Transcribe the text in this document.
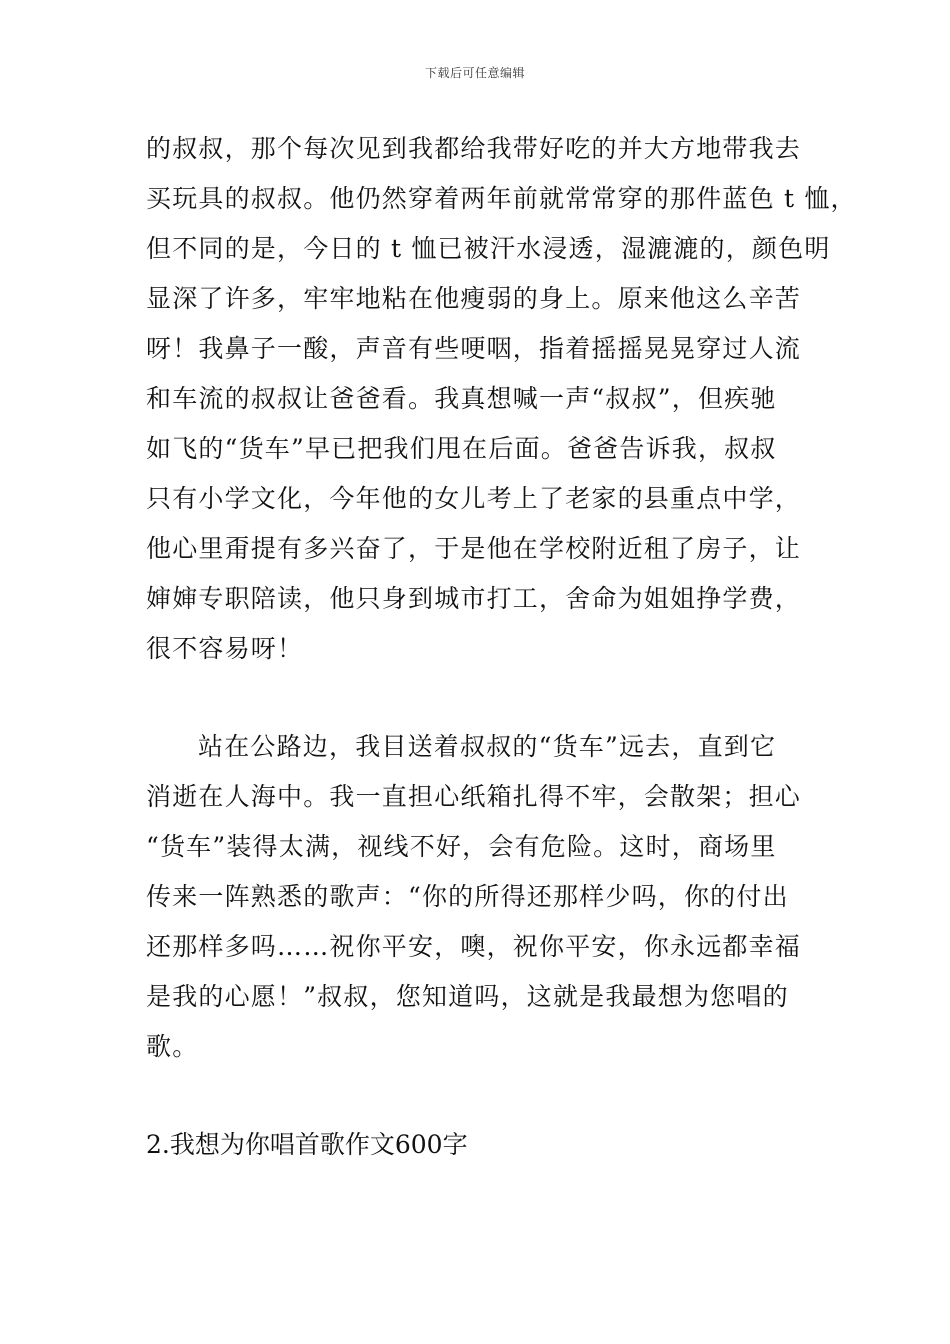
下载后可任意编辑
的叔叔，那个每次见到我都给我带好吃的并大方地带我去
买玩具的叔叔。他仍然穿着两年前就常常穿的那件蓝色 t 恤，
但不同的是，今日的 t 恤已被汗水浸透，湿漉漉的，颜色明
显深了许多，牢牢地粘在他瘦弱的身上。原来他这么辛苦
呀！我鼻子一酸，声音有些哽咽，指着摇摇晃晃穿过人流
和车流的叔叔让爸爸看。我真想喊一声“叔叔”，但疾驰
如飞的“货车”早已把我们甩在后面。爸爸告诉我，叔叔
只有小学文化，今年他的女儿考上了老家的县重点中学，
他心里甭提有多兴奋了，于是他在学校附近租了房子，让
婶婶专职陪读，他只身到城市打工，舍命为姐姐挣学费，
很不容易呀！
站在公路边，我目送着叔叔的“货车”远去，直到它
消逝在人海中。我一直担心纸箱扎得不牢，会散架；担心
“货车”装得太满，视线不好，会有危险。这时，商场里
传来一阵熟悉的歌声：“你的所得还那样少吗，你的付出
还那样多吗……祝你平安，噢，祝你平安，你永远都幸福
是我的心愿！”叔叔，您知道吗，这就是我最想为您唱的
歌。
2.我想为你唱首歌作文600字
